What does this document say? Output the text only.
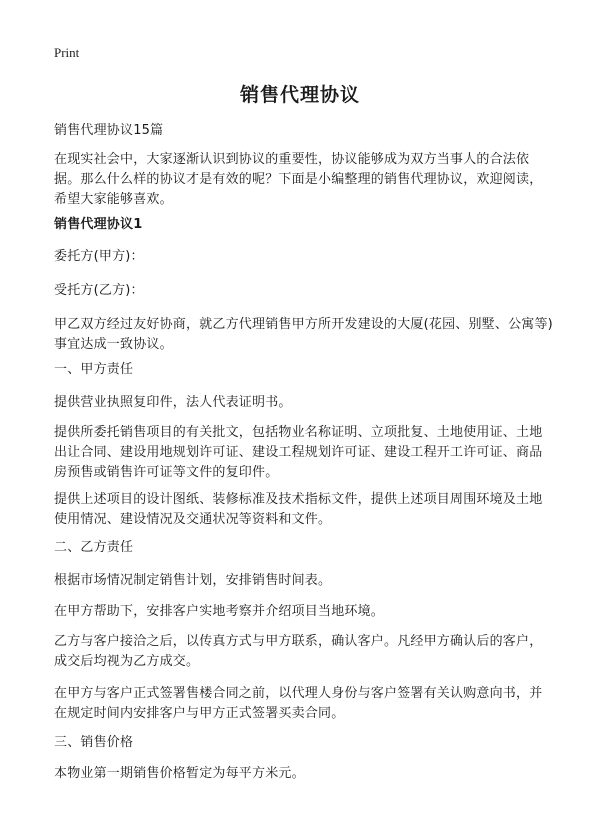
Print
销售代理协议

销售代理协议15篇

在现实社会中，大家逐渐认识到协议的重要性，协议能够成为双方当事人的合法依据。那么什么样的协议才是有效的呢？下面是小编整理的销售代理协议，欢迎阅读，希望大家能够喜欢。

销售代理协议1

委托方(甲方)：

受托方(乙方)：

甲乙双方经过友好协商，就乙方代理销售甲方所开发建设的大厦(花园、别墅、公寓等)事宜达成一致协议。

一、甲方责任

提供营业执照复印件，法人代表证明书。

提供所委托销售项目的有关批文，包括物业名称证明、立项批复、土地使用证、土地出让合同、建设用地规划许可证、建设工程规划许可证、建设工程开工许可证、商品房预售或销售许可证等文件的复印件。

提供上述项目的设计图纸、装修标准及技术指标文件，提供上述项目周围环境及土地使用情况、建设情况及交通状况等资料和文件。

二、乙方责任

根据市场情况制定销售计划，安排销售时间表。

在甲方帮助下，安排客户实地考察并介绍项目当地环境。

乙方与客户接洽之后，以传真方式与甲方联系，确认客户。凡经甲方确认后的客户，成交后均视为乙方成交。

在甲方与客户正式签署售楼合同之前，以代理人身份与客户签署有关认购意向书，并在规定时间内安排客户与甲方正式签署买卖合同。

三、销售价格

本物业第一期销售价格暂定为每平方米元。
